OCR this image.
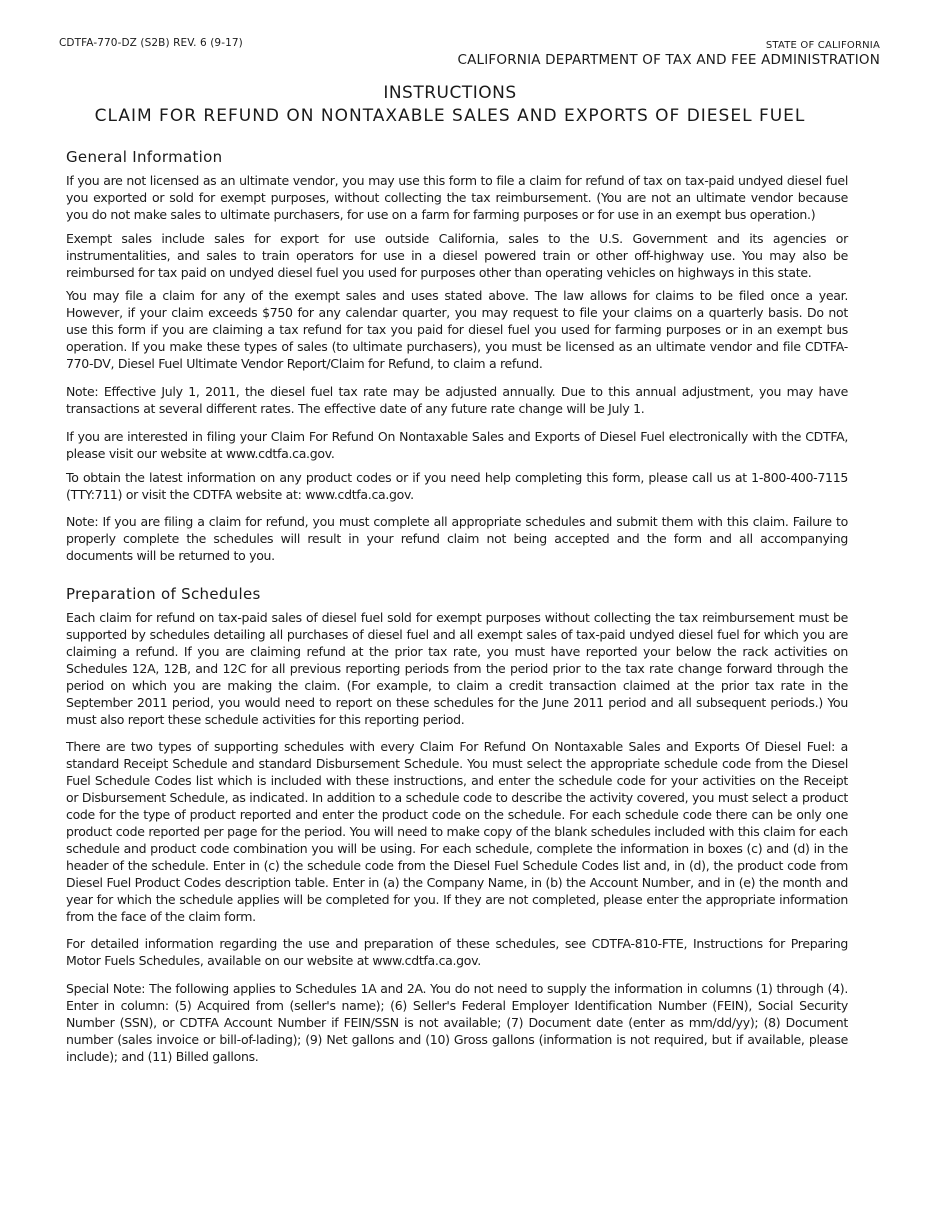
CDTFA-770-DZ (S2B) REV. 6 (9-17)	STATE OF CALIFORNIA
CALIFORNIA DEPARTMENT OF TAX AND FEE ADMINISTRATION
INSTRUCTIONS
CLAIM FOR REFUND ON NONTAXABLE SALES AND EXPORTS OF DIESEL FUEL
General Information

If you are not licensed as an ultimate vendor, you may use this form to file a claim for refund of tax on tax-paid undyed diesel fuel you exported or sold for exempt purposes, without collecting the tax reimbursement. (You are not an ultimate vendor because you do not make sales to ultimate purchasers, for use on a farm for farming purposes or for use in an exempt bus operation.)

Exempt sales include sales for export for use outside California, sales to the U.S. Government and its agencies or instrumentalities, and sales to train operators for use in a diesel powered train or other off-highway use. You may also be reimbursed for tax paid on undyed diesel fuel you used for purposes other than operating vehicles on highways in this state.

You may file a claim for any of the exempt sales and uses stated above. The law allows for claims to be filed once a year. However, if your claim exceeds $750 for any calendar quarter, you may request to file your claims on a quarterly basis. Do not use this form if you are claiming a tax refund for tax you paid for diesel fuel you used for farming purposes or in an exempt bus operation. If you make these types of sales (to ultimate purchasers), you must be licensed as an ultimate vendor and file CDTFA-770-DV, Diesel Fuel Ultimate Vendor Report/Claim for Refund, to claim a refund.

Note: Effective July 1, 2011, the diesel fuel tax rate may be adjusted annually. Due to this annual adjustment, you may have transactions at several different rates. The effective date of any future rate change will be July 1.

If you are interested in filing your Claim For Refund On Nontaxable Sales and Exports of Diesel Fuel electronically with the CDTFA, please visit our website at www.cdtfa.ca.gov.

To obtain the latest information on any product codes or if you need help completing this form, please call us at 1-800-400-7115 (TTY:711) or visit the CDTFA website at: www.cdtfa.ca.gov.

Note: If you are filing a claim for refund, you must complete all appropriate schedules and submit them with this claim. Failure to properly complete the schedules will result in your refund claim not being accepted and the form and all accompanying documents will be returned to you.

Preparation of Schedules

Each claim for refund on tax-paid sales of diesel fuel sold for exempt purposes without collecting the tax reimbursement must be supported by schedules detailing all purchases of diesel fuel and all exempt sales of tax-paid undyed diesel fuel for which you are claiming a refund. If you are claiming refund at the prior tax rate, you must have reported your below the rack activities on Schedules 12A, 12B, and 12C for all previous reporting periods from the period prior to the tax rate change forward through the period on which you are making the claim. (For example, to claim a credit transaction claimed at the prior tax rate in the September 2011 period, you would need to report on these schedules for the June 2011 period and all subsequent periods.) You must also report these schedule activities for this reporting period.

There are two types of supporting schedules with every Claim For Refund On Nontaxable Sales and Exports Of Diesel Fuel: a standard Receipt Schedule and standard Disbursement Schedule. You must select the appropriate schedule code from the Diesel Fuel Schedule Codes list which is included with these instructions, and enter the schedule code for your activities on the Receipt or Disbursement Schedule, as indicated. In addition to a schedule code to describe the activity covered, you must select a product code for the type of product reported and enter the product code on the schedule. For each schedule code there can be only one product code reported per page for the period. You will need to make copy of the blank schedules included with this claim for each schedule and product code combination you will be using. For each schedule, complete the information in boxes (c) and (d) in the header of the schedule. Enter in (c) the schedule code from the Diesel Fuel Schedule Codes list and, in (d), the product code from Diesel Fuel Product Codes description table. Enter in (a) the Company Name, in (b) the Account Number, and in (e) the month and year for which the schedule applies will be completed for you. If they are not completed, please enter the appropriate information from the face of the claim form.

For detailed information regarding the use and preparation of these schedules, see CDTFA-810-FTE, Instructions for Preparing Motor Fuels Schedules, available on our website at www.cdtfa.ca.gov.

Special Note: The following applies to Schedules 1A and 2A. You do not need to supply the information in columns (1) through (4). Enter in column: (5) Acquired from (seller's name); (6) Seller's Federal Employer Identification Number (FEIN), Social Security Number (SSN), or CDTFA Account Number if FEIN/SSN is not available; (7) Document date (enter as mm/dd/yy); (8) Document number (sales invoice or bill-of-lading); (9) Net gallons and (10) Gross gallons (information is not required, but if available, please include); and (11) Billed gallons.
